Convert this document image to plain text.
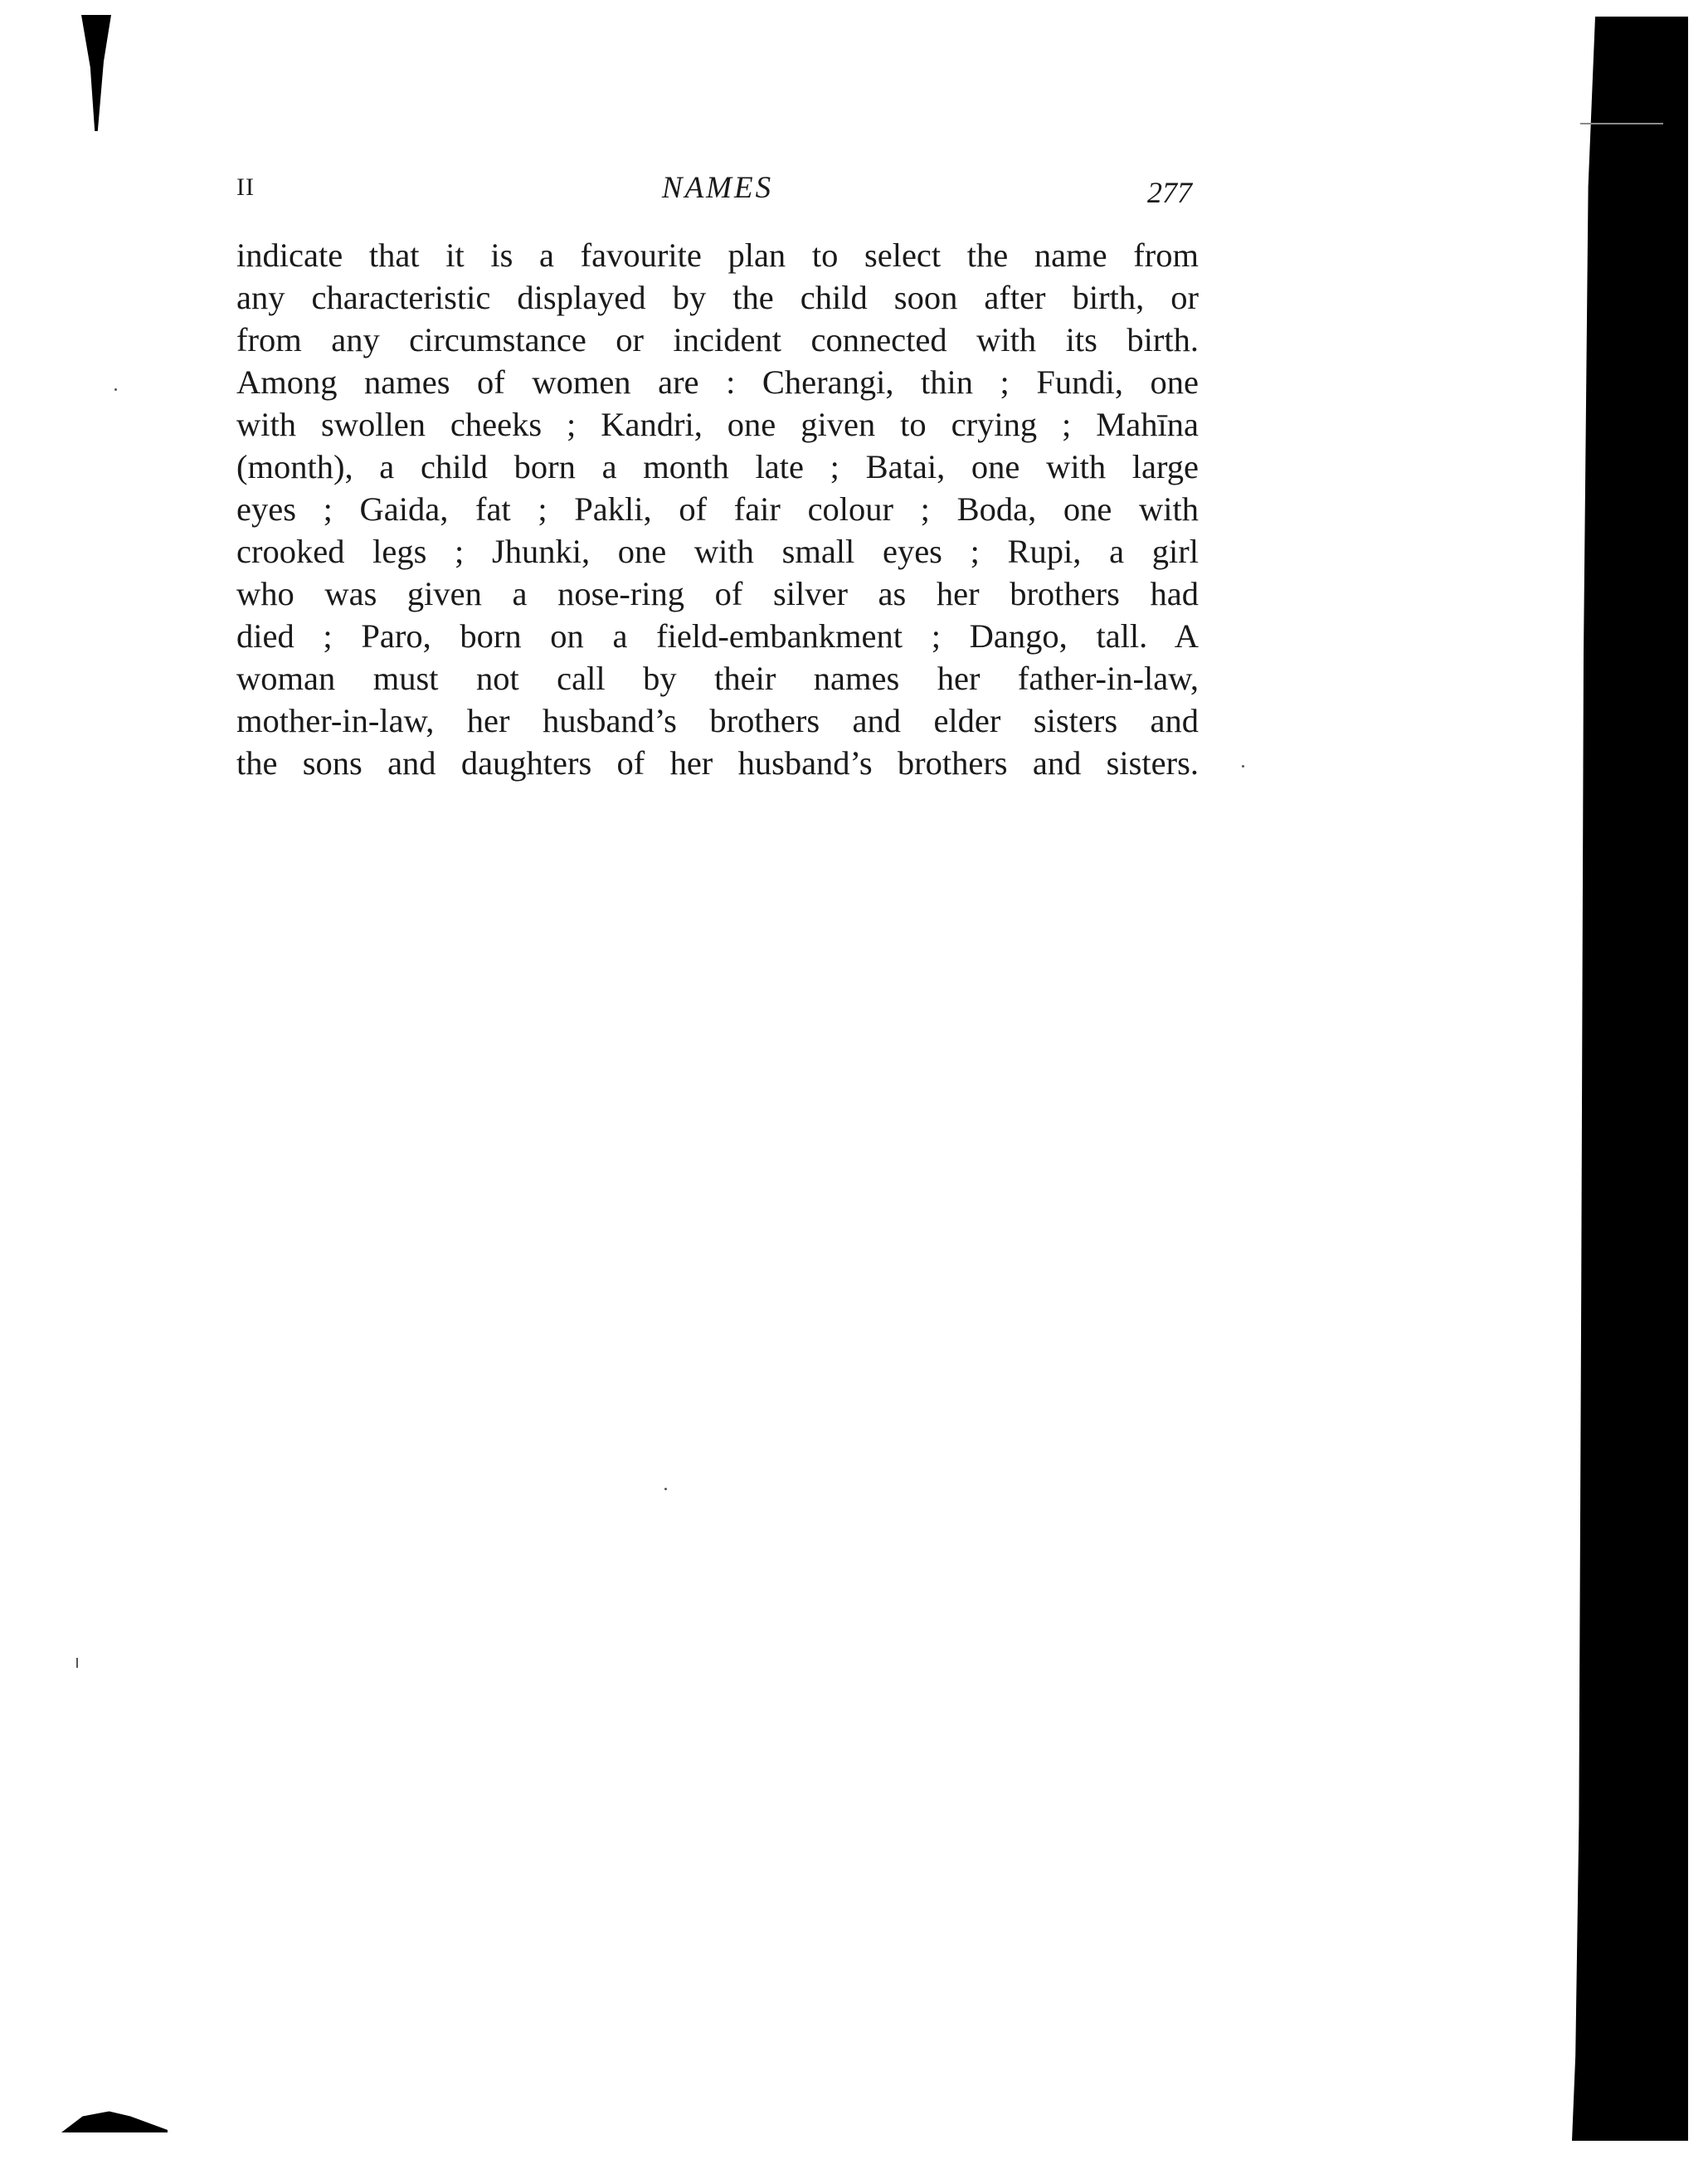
II	NAMES	277
indicate that it is a favourite plan to select the name from
any characteristic displayed by the child soon after birth, or
from any circumstance or incident connected with its birth.
Among names of women are : Cherangi, thin ; Fundi, one
with swollen cheeks ; Kandri, one given to crying ; Mahīna
(month), a child born a month late ; Batai, one with large
eyes ; Gaida, fat ; Pakli, of fair colour ; Boda, one with
crooked legs ; Jhunki, one with small eyes ; Rupi, a girl
who was given a nose-ring of silver as her brothers had
died ; Paro, born on a field-embankment ; Dango, tall. A
woman must not call by their names her father-in-law,
mother-in-law, her husband’s brothers and elder sisters and
the sons and daughters of her husband’s brothers and sisters.
